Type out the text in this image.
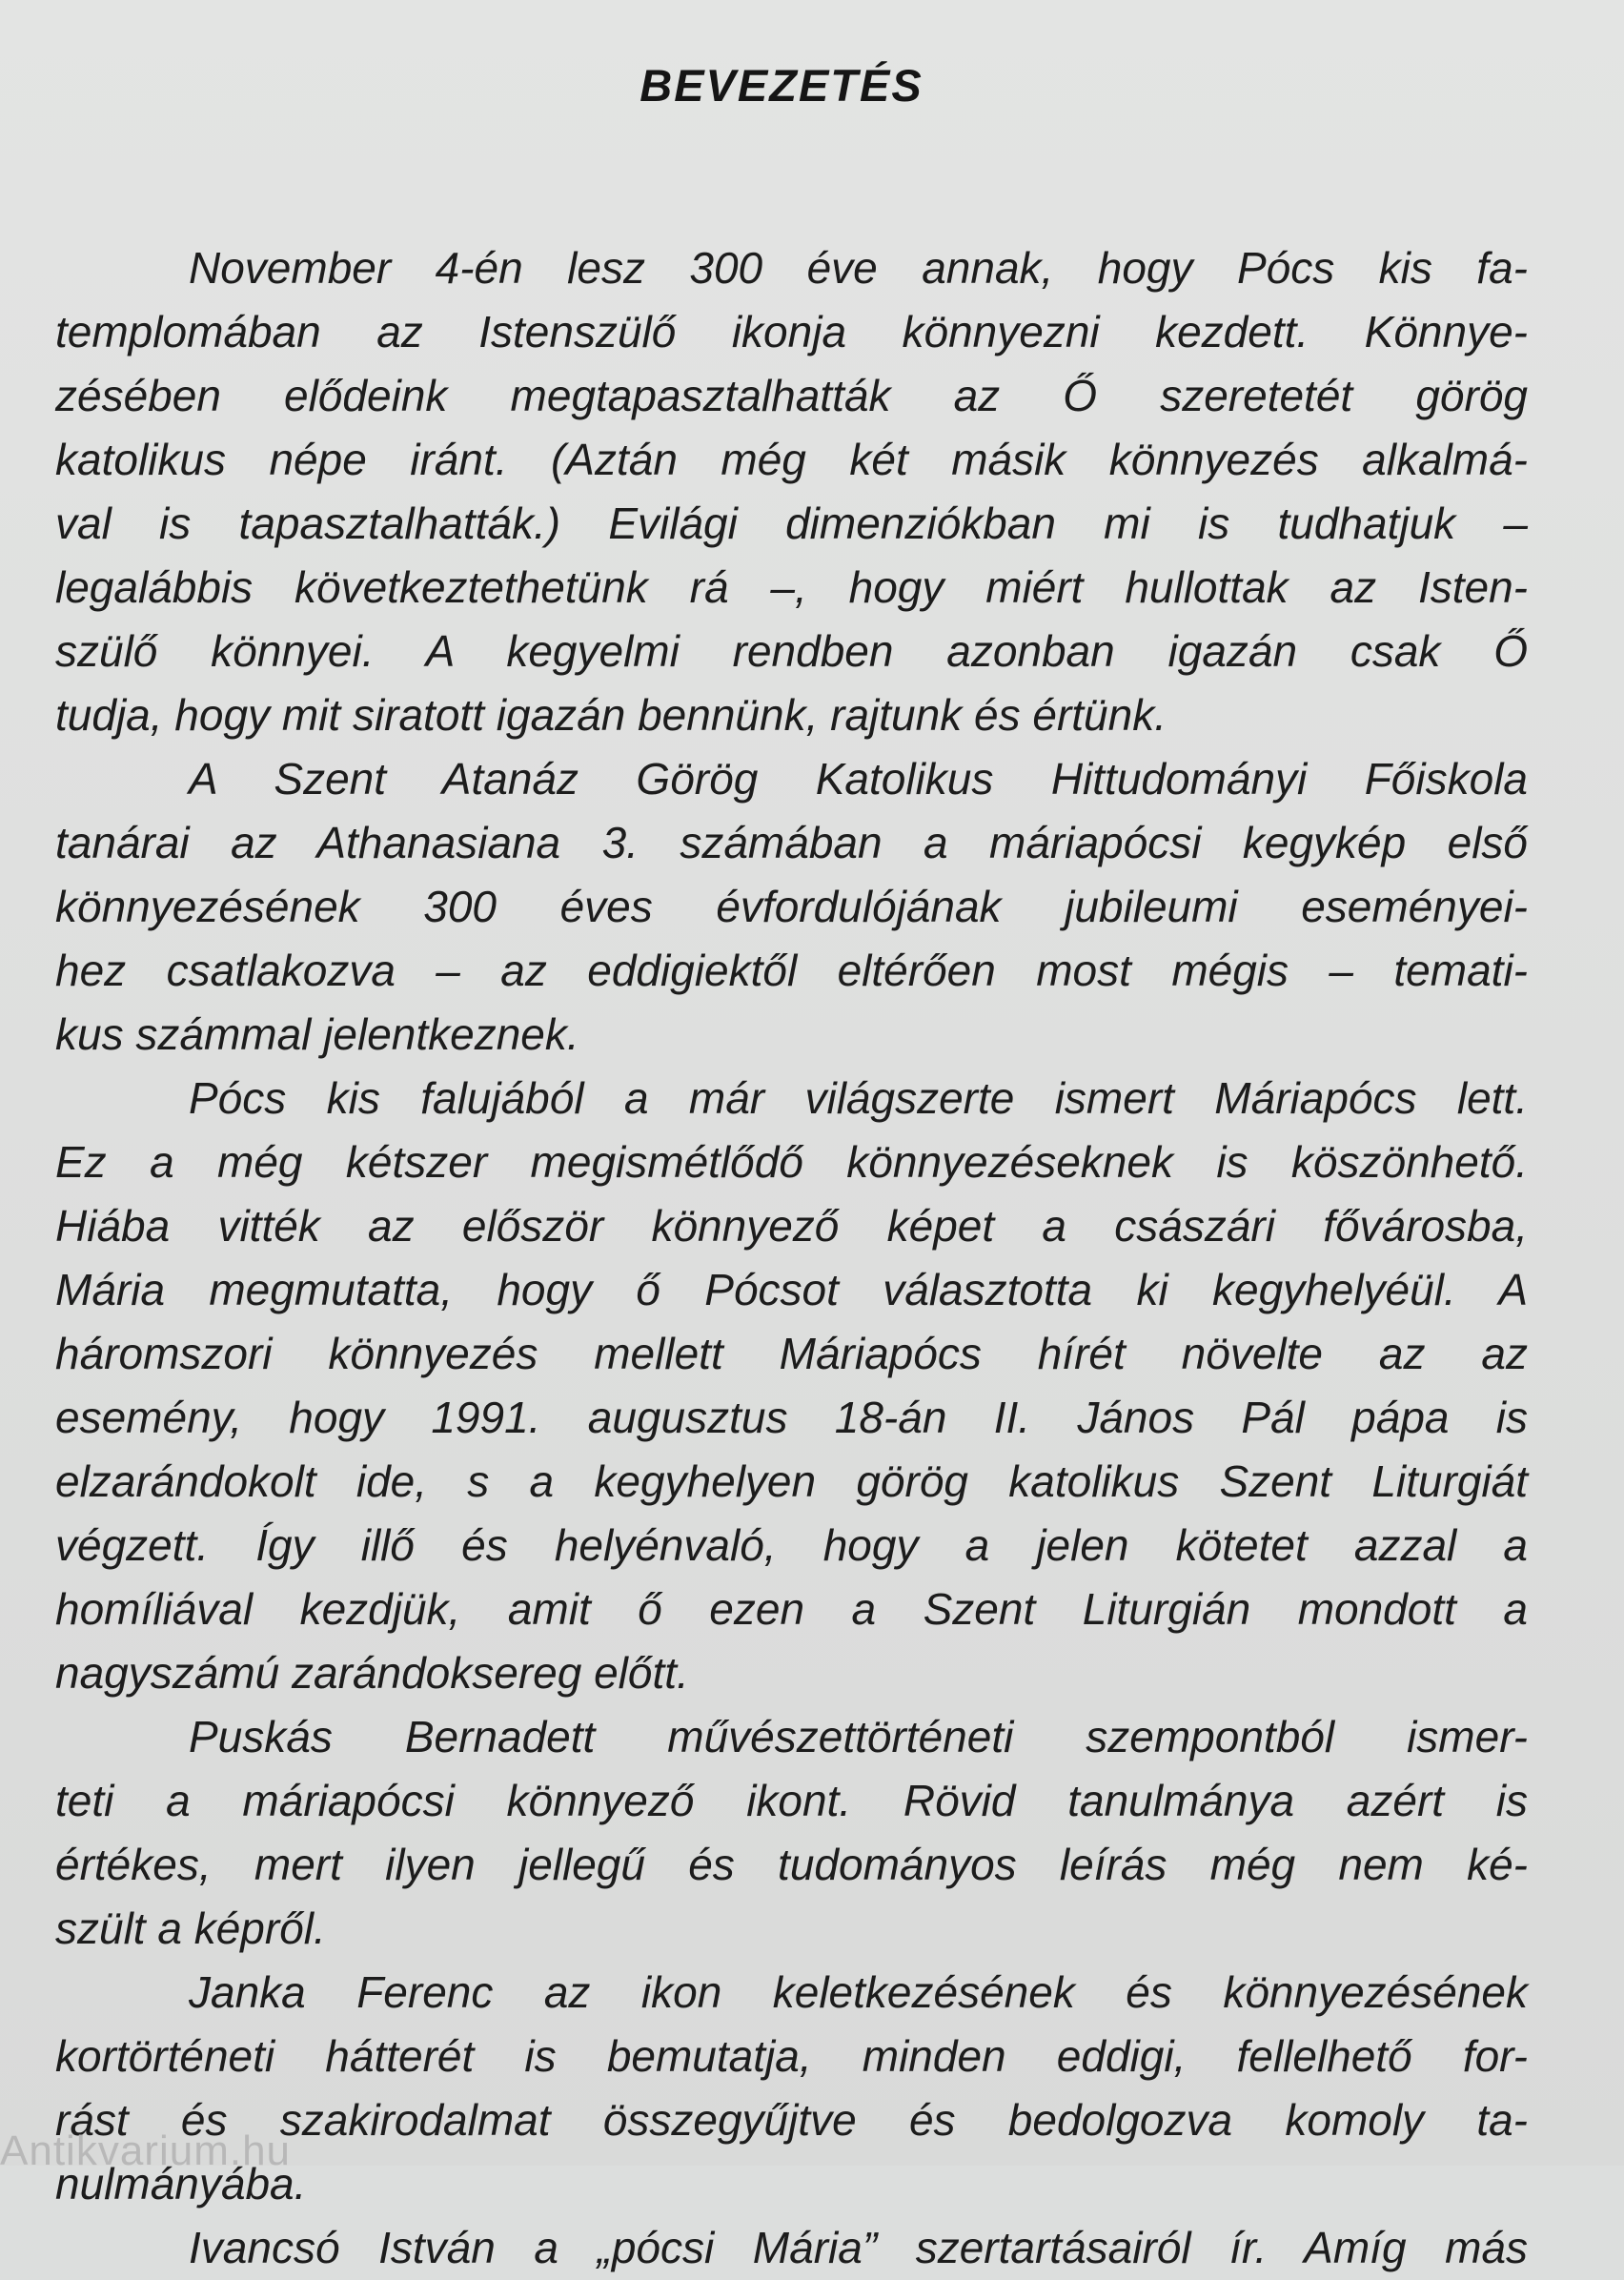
BEVEZETÉS
November 4-én lesz 300 éve annak, hogy Pócs kis fa-
templomában az Istenszülő ikonja könnyezni kezdett. Könnye-
zésében elődeink megtapasztalhatták az Ő szeretetét görög
katolikus népe iránt. (Aztán még két másik könnyezés alkalmá-
val is tapasztalhatták.) Evilági dimenziókban mi is tudhatjuk –
legalábbis következtethetünk rá –, hogy miért hullottak az Isten-
szülő könnyei. A kegyelmi rendben azonban igazán csak Ő
tudja, hogy mit siratott igazán bennünk, rajtunk és értünk.
A Szent Atanáz Görög Katolikus Hittudományi Főiskola
tanárai az Athanasiana 3. számában a máriapócsi kegykép első
könnyezésének 300 éves évfordulójának jubileumi eseményei-
hez csatlakozva – az eddigiektől eltérően most mégis – temati-
kus számmal jelentkeznek.
Pócs kis falujából a már világszerte ismert Máriapócs lett.
Ez a még kétszer megismétlődő könnyezéseknek is köszönhető.
Hiába vitték az először könnyező képet a császári fővárosba,
Mária megmutatta, hogy ő Pócsot választotta ki kegyhelyéül. A
háromszori könnyezés mellett Máriapócs hírét növelte az az
esemény, hogy 1991. augusztus 18-án II. János Pál pápa is
elzarándokolt ide, s a kegyhelyen görög katolikus Szent Liturgiát
végzett. Így illő és helyénvaló, hogy a jelen kötetet azzal a
homíliával kezdjük, amit ő ezen a Szent Liturgián mondott a
nagyszámú zarándoksereg előtt.
Puskás Bernadett művészettörténeti szempontból ismer-
teti a máriapócsi könnyező ikont. Rövid tanulmánya azért is
értékes, mert ilyen jellegű és tudományos leírás még nem ké-
szült a képről.
Janka Ferenc az ikon keletkezésének és könnyezésének
kortörténeti hátterét is bemutatja, minden eddigi, fellelhető for-
rást és szakirodalmat összegyűjtve és bedolgozva komoly ta-
nulmányába.
Ivancsó István a „pócsi Mária” szertartásairól ír. Amíg más
Antikvarium.hu
